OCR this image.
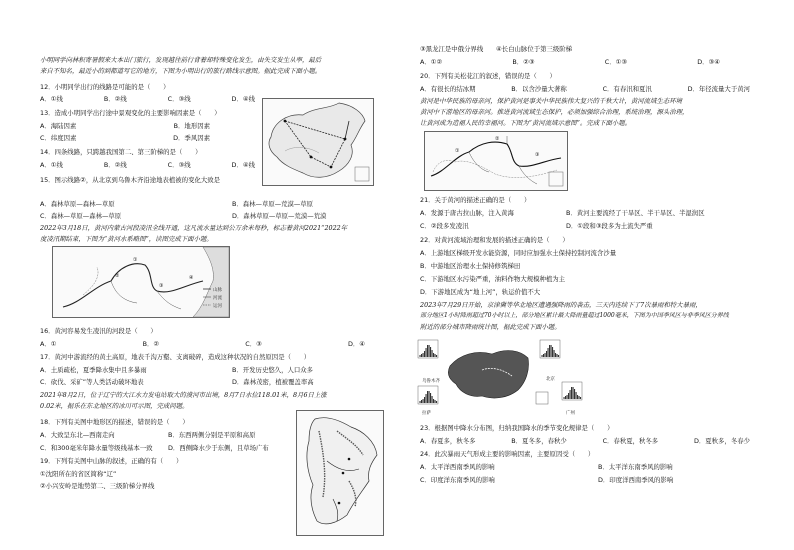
小明同学向林积寄暑假来大本出门旅行，发现越往前行背着却特殊变化发生，由失交发生从率，最后
来自不知名，最近小的到都道写它的地方，下图为小明出行的旅行路线示意图。据此完成下面小题。
12．小明同学出行的线路是可能的是（　　）
A．①线	B．②线	C．③线	D．④线
13．造成小明同学出行途中景观变化的主要影响因素是（　　）
A．海陆因素	B．地形因素
C．纬度因素	D．季风因素
14．四条线路，只跨越我国第二、第三阶梯的是（　　）
A．①线	B．②线	C．③线	D．④线
15．图示线路②，从北京到乌鲁木齐沿途地表植被的变化大致是
A．森林草原—森林—草原	B．森林—草原—荒漠—草原
C．森林—草原—森林—草原	D．森林草原—草原—荒漠—荒漠
2022年3月18日，黄河内蒙古河段凌汛全线开通，这凡流水量达到公万余米每秒，标志着黄河2021“2022年
度凌汛期结束，下图为“黄河水系略图”，读图完成下面小题。
①
②
③
④
山脉
河流
运河
16．黄河容易发生凌汛的河段是（　　）
A．①	B．②	C．③	D．④
17．黄河中游流经的黄土高原，地表千沟万壑、支离破碎，造成这种状况的自然原因是（　　）
A．土质疏松，夏季降水集中且多暴雨	B．开发历史悠久，人口众多
C．砍伐、采矿”等人类活动破坏地表	D．森林茂密，植被覆盖率高
2021年8月2日，位于辽宁的大江水力发电站取大的漠河市出境，8月7日水位118.01米，8月6日上涨
0.02米，据乐在东北地区的冰川可示图，完成问题。
18．下列有关图中地形区的描述，错误的是（　　）
A．大致呈东北—西南走向	B．东西两侧分别是平原和高原
C．和300毫米年降水量等级线基本一致 D．西侧降水少于东侧，且草场广布
19．下列有关图中山脉的叙述，正确的有（　　）
①沈阳所在的省区简称“辽”
②小兴安岭是地势第二、三级阶梯分界线
③黑龙江是中俄分界线　　④长白山脉位于第三级阶梯
A．①②	B．②③	C．①③	D．③④
20．下列有关松花江的叙述，错误的是（　　）
A．有很长的结冰期	B．以含沙量大著称	C．有春汛和夏汛	D．年径流量大于黄河
黄河是中华民族的母亲河，保护黄河是事关中华民族伟大复兴的千秋大计，黄河流域生态环境
黄河中下游地区的母亲河。推进黄河流域生态保护，必须加强综合治理，系统治理，源头治理，
让黄河成为造福人民的幸福河。下图为“黄河流域示意图”。完成下面小题。
①
②
③
21．关于黄河的描述正确的是（　　）
A．发源于唐古拉山脉，注入黄海	B．黄河主要流经了干旱区、半干旱区、半湿润区
C．②段多发凌汛	D．①段和③段多为土流失严重
22．对黄河流域治理和发展的描述正确的是（　　）
A．上游地区梯级开发水能资源，同时应加强水土保持控制河流含沙量
B．中游地区治理水土保持修筑梯田
C．下游地区水污染严重，油料作物大规模种植为主
D．下游地区成为“地上河”，轨运价值不大
2023年7月29日开始，京津冀等华北地区遭遇强降雨的袭击，三天内连续下了7次暴雨和特大暴雨，
部分地区1小时降雨超过70小时以上，部分地区累计最大降雨量超过1000毫米，下图为中国季风区与非季风区分界线
附近的部分城市降雨统计图，据此完成下面小题。
乌鲁木齐	北京
拉萨	广州
23．根据图中降水分布图，归纳我国降水的季节变化规律是（　　）
A．春夏多，秋冬多	B．夏冬多，春秋少	C．春秋夏，秋冬多	D．夏秋多，冬春少
24．此次暴雨天气形成主要的影响因素，主要原因受（　　）
A．太平洋西南季风的影响	B．太平洋东南季风的影响
C．印度洋东南季风的影响	D．印度洋西南季风的影响
